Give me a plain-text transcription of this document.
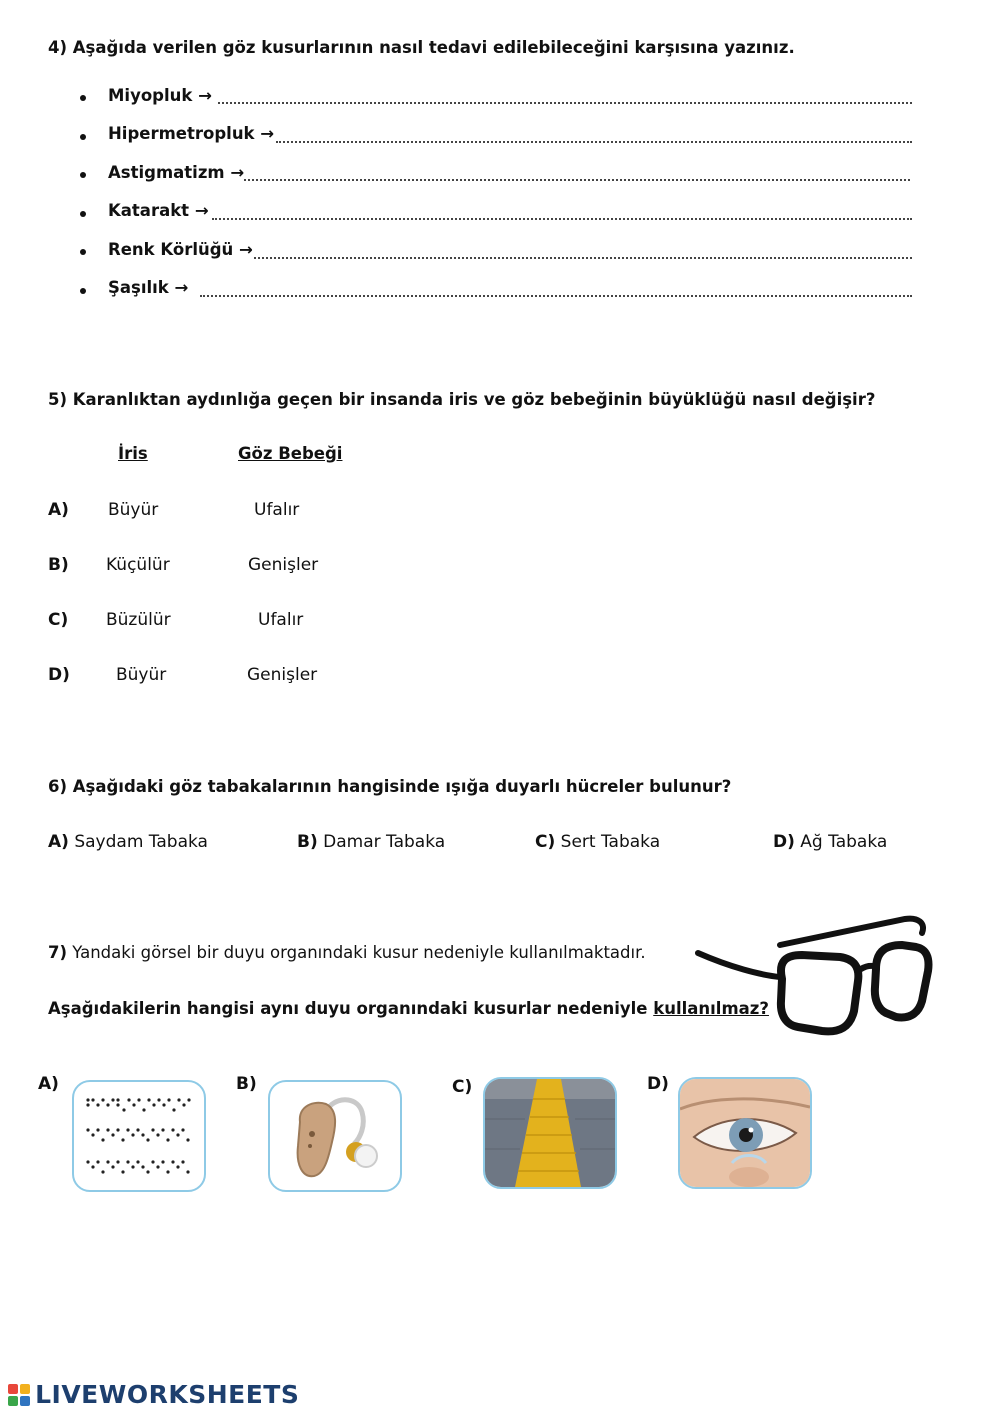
4) Aşağıda verilen göz kusurlarının nasıl tedavi edilebileceğini karşısına yazınız.
Miyopluk →
Hipermetropluk →
Astigmatizm →
Katarakt →
Renk Körlüğü →
Şaşılık →
5) Karanlıktan aydınlığa geçen bir insanda iris ve göz bebeğinin büyüklüğü nasıl değişir?
İris	Göz Bebeği
A) Büyür	Ufalır
B) Küçülür	Genişler
C) Büzülür	Ufalır
D)	Büyür	Genişler
6) Aşağıdaki göz tabakalarının hangisinde ışığa duyarlı hücreler bulunur?
A) Saydam Tabaka	B) Damar Tabaka	C) Sert Tabaka	D) Ağ Tabaka
7) Yandaki görsel bir duyu organındaki kusur nedeniyle kullanılmaktadır.
Aşağıdakilerin hangisi aynı duyu organındaki kusurlar nedeniyle kullanılmaz?
A)	B)	C)	D)
LIVEWORKSHEETS
